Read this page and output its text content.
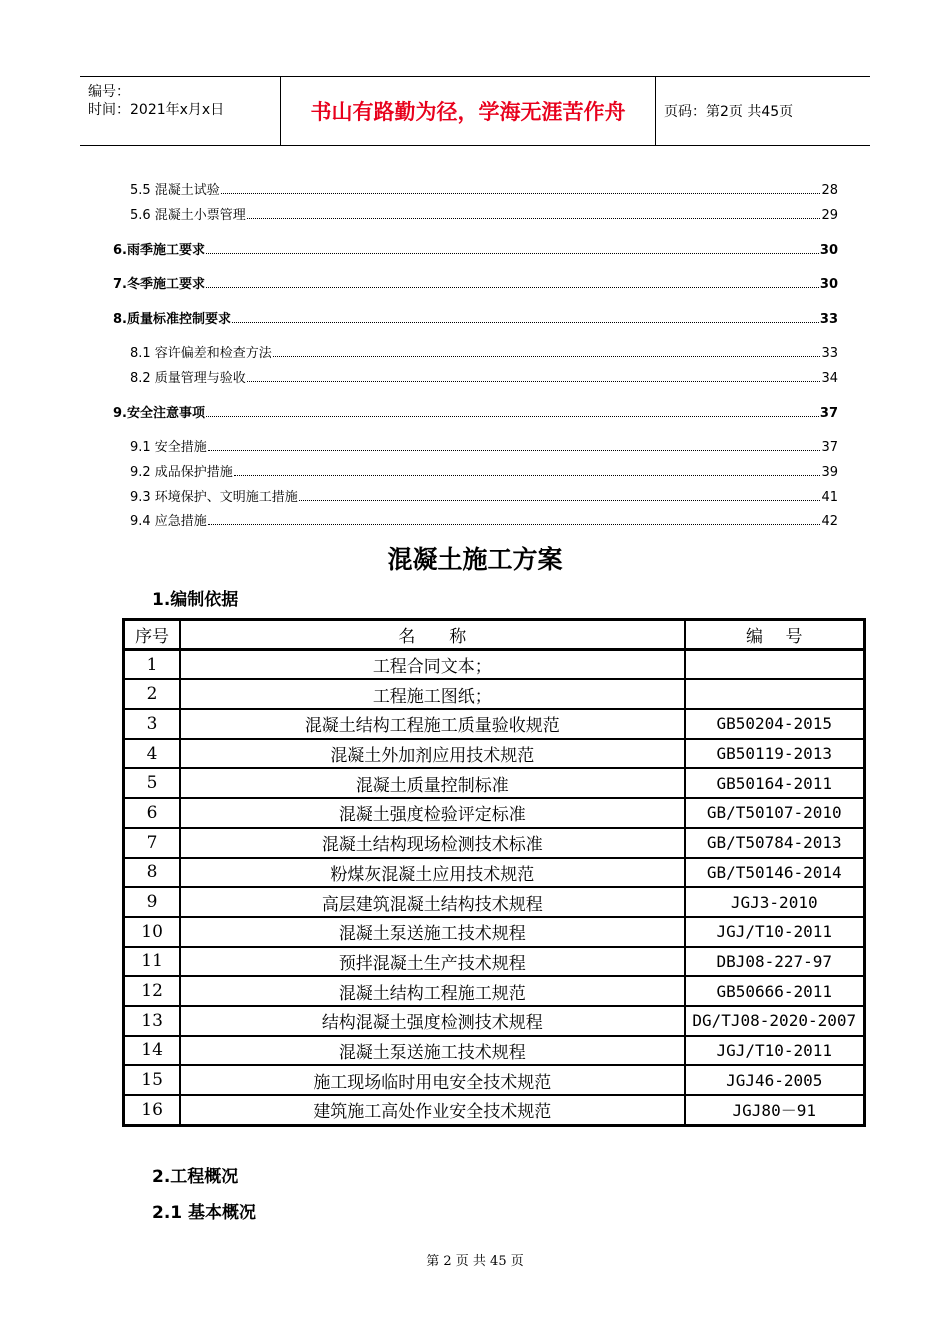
编号：
时间：2021年x月x日	书山有路勤为径，学海无涯苦作舟	页码：第2页 共45页
5.5 混凝土试验	28
5.6 混凝土小票管理	29
6.雨季施工要求	30
7.冬季施工要求	30
8.质量标准控制要求	33
8.1 容许偏差和检查方法	33
8.2 质量管理与验收	34
9.安全注意事项	37
9.1 安全措施	37
9.2 成品保护措施	39
9.3 环境保护、文明施工措施	41
9.4 应急措施	42
混凝土施工方案
1.编制依据
序号	名　　称	编　 号
1	工程合同文本；	
2	工程施工图纸；	
3	混凝土结构工程施工质量验收规范	GB50204-2015
4	混凝土外加剂应用技术规范	GB50119-2013
5	混凝土质量控制标准	GB50164-2011
6	混凝土强度检验评定标准	GB/T50107-2010
7	混凝土结构现场检测技术标准	GB/T50784-2013
8	粉煤灰混凝土应用技术规范	GB/T50146-2014
9	高层建筑混凝土结构技术规程	JGJ3-2010
10	混凝土泵送施工技术规程	JGJ/T10-2011
11	预拌混凝土生产技术规程	DBJ08-227-97
12	混凝土结构工程施工规范	GB50666-2011
13	结构混凝土强度检测技术规程	DG/TJ08-2020-2007
14	混凝土泵送施工技术规程	JGJ/T10-2011
15	施工现场临时用电安全技术规范	JGJ46-2005
16	建筑施工高处作业安全技术规范	JGJ80－91
2.工程概况
2.1 基本概况
第 2 页 共 45 页
